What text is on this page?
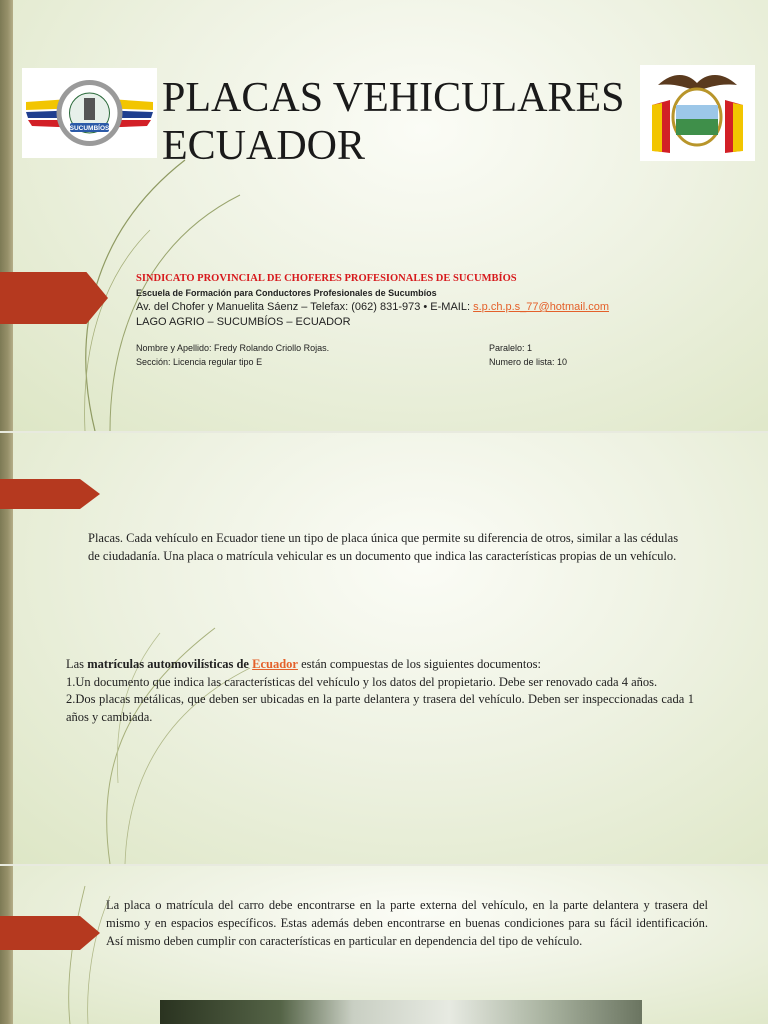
SUCUMBÍOS
PLACAS VEHICULARES ECUADOR
SINDICATO PROVINCIAL DE CHOFERES PROFESIONALES DE SUCUMBÍOS
Escuela de Formación para Conductores Profesionales de Sucumbíos
Av. del Chofer y Manuelita Sáenz – Telefax: (062) 831-973 • E-MAIL: s.p.ch.p.s_77@hotmail.com
LAGO AGRIO – SUCUMBÍOS – ECUADOR
Nombre y Apellido: Fredy Rolando Criollo Rojas.	Paralelo: 1
Sección: Licencia regular tipo E	Numero de lista: 10
Placas. Cada vehículo en Ecuador tiene un tipo de placa única que permite su diferencia de otros, similar a las cédulas de ciudadanía. Una placa o matrícula vehicular es un documento que indica las características propias de un vehículo.
Las matrículas automovilísticas de Ecuador están compuestas de los siguientes documentos:
1.Un documento que indica las características del vehículo y los datos del propietario. Debe ser renovado cada 4 años.
2.Dos placas metálicas, que deben ser ubicadas en la parte delantera y trasera del vehículo. Deben ser inspeccionadas cada 1 años y cambiada.
La placa o matrícula del carro debe encontrarse en la parte externa del vehículo, en la parte delantera y trasera del mismo y en espacios específicos. Estas además deben encontrarse en buenas condiciones para su fácil identificación. Así mismo deben cumplir con características en particular en dependencia del tipo de vehículo.
